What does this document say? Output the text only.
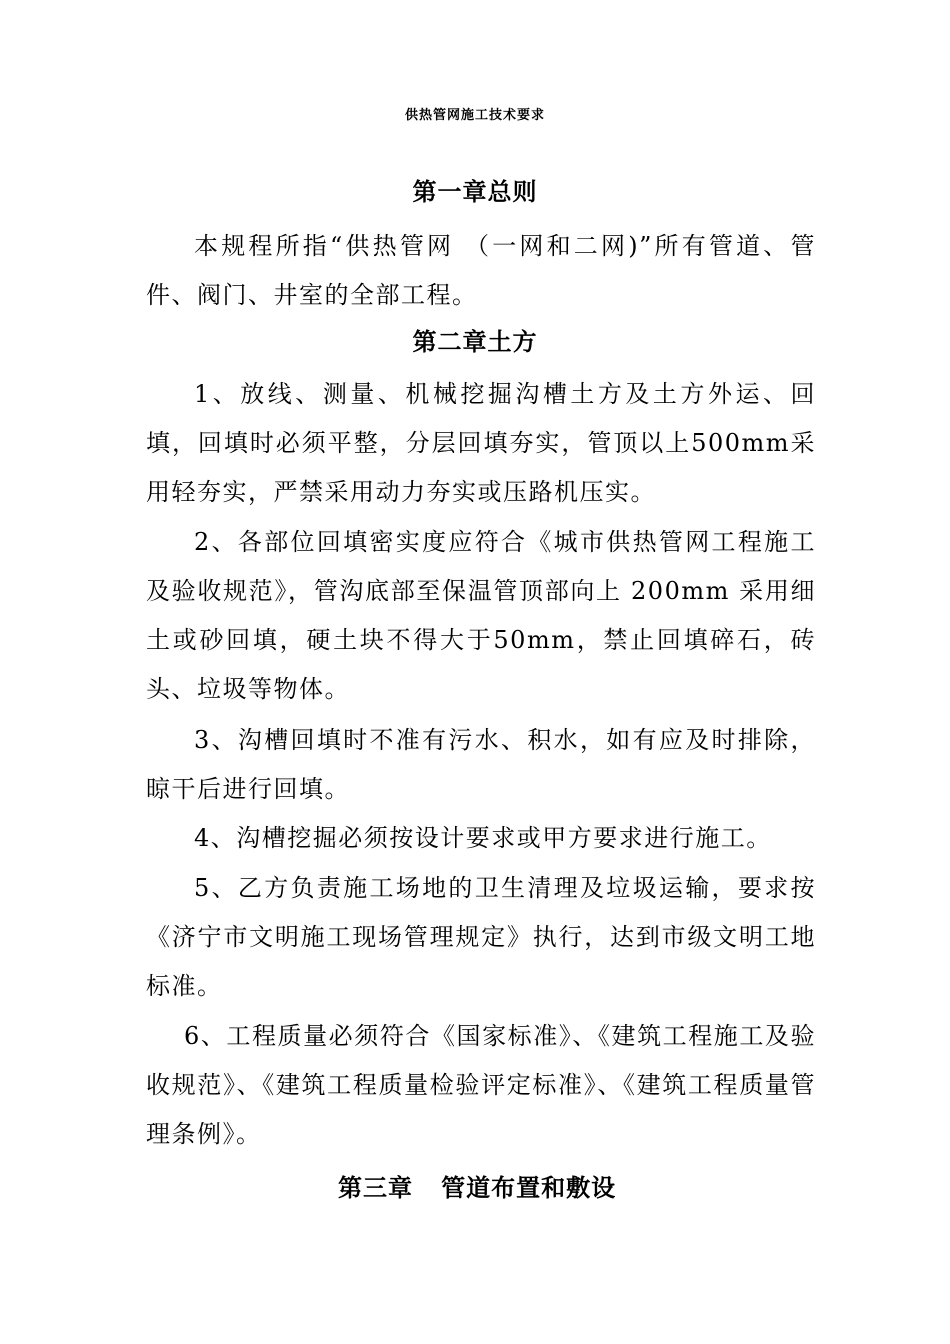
供热管网施工技术要求
第一章总则

本规程所指“供热管网 （一网和二网)”所有管道、管件、阀门、井室的全部工程。

第二章土方

1、放线、测量、机械挖掘沟槽土方及土方外运、回填，回填时必须平整，分层回填夯实，管顶以上500mm采用轻夯实，严禁采用动力夯实或压路机压实。

2、各部位回填密实度应符合《城市供热管网工程施工及验收规范》，管沟底部至保温管顶部向上 200mm 采用细土或砂回填，硬土块不得大于50mm，禁止回填碎石，砖头、垃圾等物体。

3、沟槽回填时不准有污水、积水，如有应及时排除，晾干后进行回填。

4、沟槽挖掘必须按设计要求或甲方要求进行施工。

5、乙方负责施工场地的卫生清理及垃圾运输，要求按《济宁市文明施工现场管理规定》执行，达到市级文明工地标准。

6、工程质量必须符合《国家标准》、《建筑工程施工及验收规范》、《建筑工程质量检验评定标准》、《建筑工程质量管理条例》。

第三章   管道布置和敷设
